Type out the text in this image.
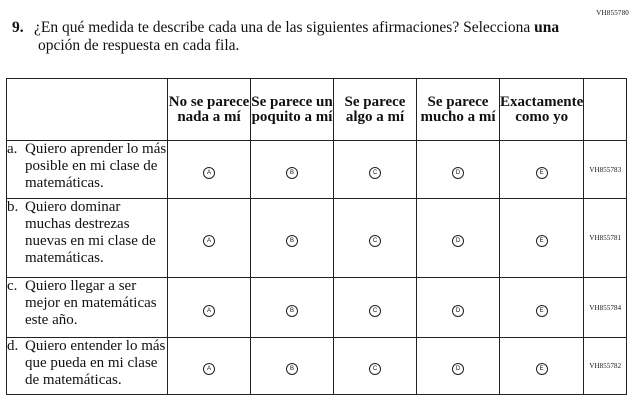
VH855780
9. ¿En qué medida te describe cada una de las siguientes afirmaciones? Selecciona una
opción de respuesta en cada fila.
	No se parece nada a mí	Se parece un poquito a mí	Se parece algo a mí	Se parece mucho a mí	Exactamente como yo	

a. Quiero aprender lo más posible en mi clase de matemáticas.	A	B	C	D	E	VH855783

b. Quiero dominar muchas destrezas nuevas en mi clase de matemáticas.	A	B	C	D	E	VH855781

c. Quiero llegar a ser mejor en matemáticas este año.	A	B	C	D	E	VH855784

d. Quiero entender lo más que pueda en mi clase de matemáticas.	A	B	C	D	E	VH855782
